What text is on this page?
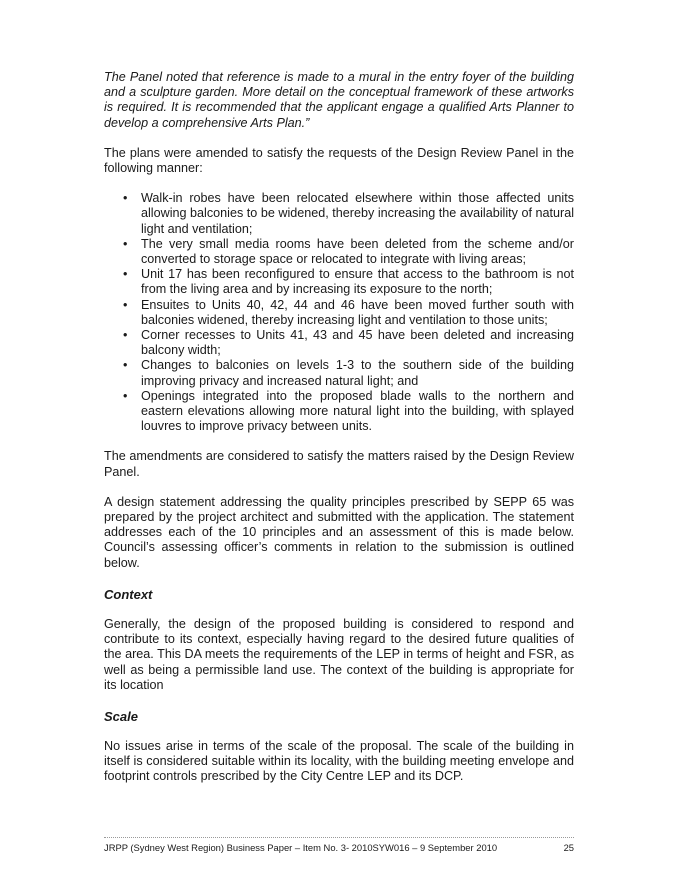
The Panel noted that reference is made to a mural in the entry foyer of the building and a sculpture garden. More detail on the conceptual framework of these artworks is required. It is recommended that the applicant engage a qualified Arts Planner to develop a comprehensive Arts Plan.”

The plans were amended to satisfy the requests of the Design Review Panel in the following manner:

• Walk-in robes have been relocated elsewhere within those affected units allowing balconies to be widened, thereby increasing the availability of natural light and ventilation;
• The very small media rooms have been deleted from the scheme and/or converted to storage space or relocated to integrate with living areas;
• Unit 17 has been reconfigured to ensure that access to the bathroom is not from the living area and by increasing its exposure to the north;
• Ensuites to Units 40, 42, 44 and 46 have been moved further south with balconies widened, thereby increasing light and ventilation to those units;
• Corner recesses to Units 41, 43 and 45 have been deleted and increasing balcony width;
• Changes to balconies on levels 1-3 to the southern side of the building improving privacy and increased natural light; and
• Openings integrated into the proposed blade walls to the northern and eastern elevations allowing more natural light into the building, with splayed louvres to improve privacy between units.

The amendments are considered to satisfy the matters raised by the Design Review Panel.

A design statement addressing the quality principles prescribed by SEPP 65 was prepared by the project architect and submitted with the application. The statement addresses each of the 10 principles and an assessment of this is made below. Council’s assessing officer’s comments in relation to the submission is outlined below.

Context

Generally, the design of the proposed building is considered to respond and contribute to its context, especially having regard to the desired future qualities of the area. This DA meets the requirements of the LEP in terms of height and FSR, as well as being a permissible land use. The context of the building is appropriate for its location

Scale

No issues arise in terms of the scale of the proposal. The scale of the building in itself is considered suitable within its locality, with the building meeting envelope and footprint controls prescribed by the City Centre LEP and its DCP.

JRPP (Sydney West Region) Business Paper – Item No. 3- 2010SYW016 – 9 September 2010	25
